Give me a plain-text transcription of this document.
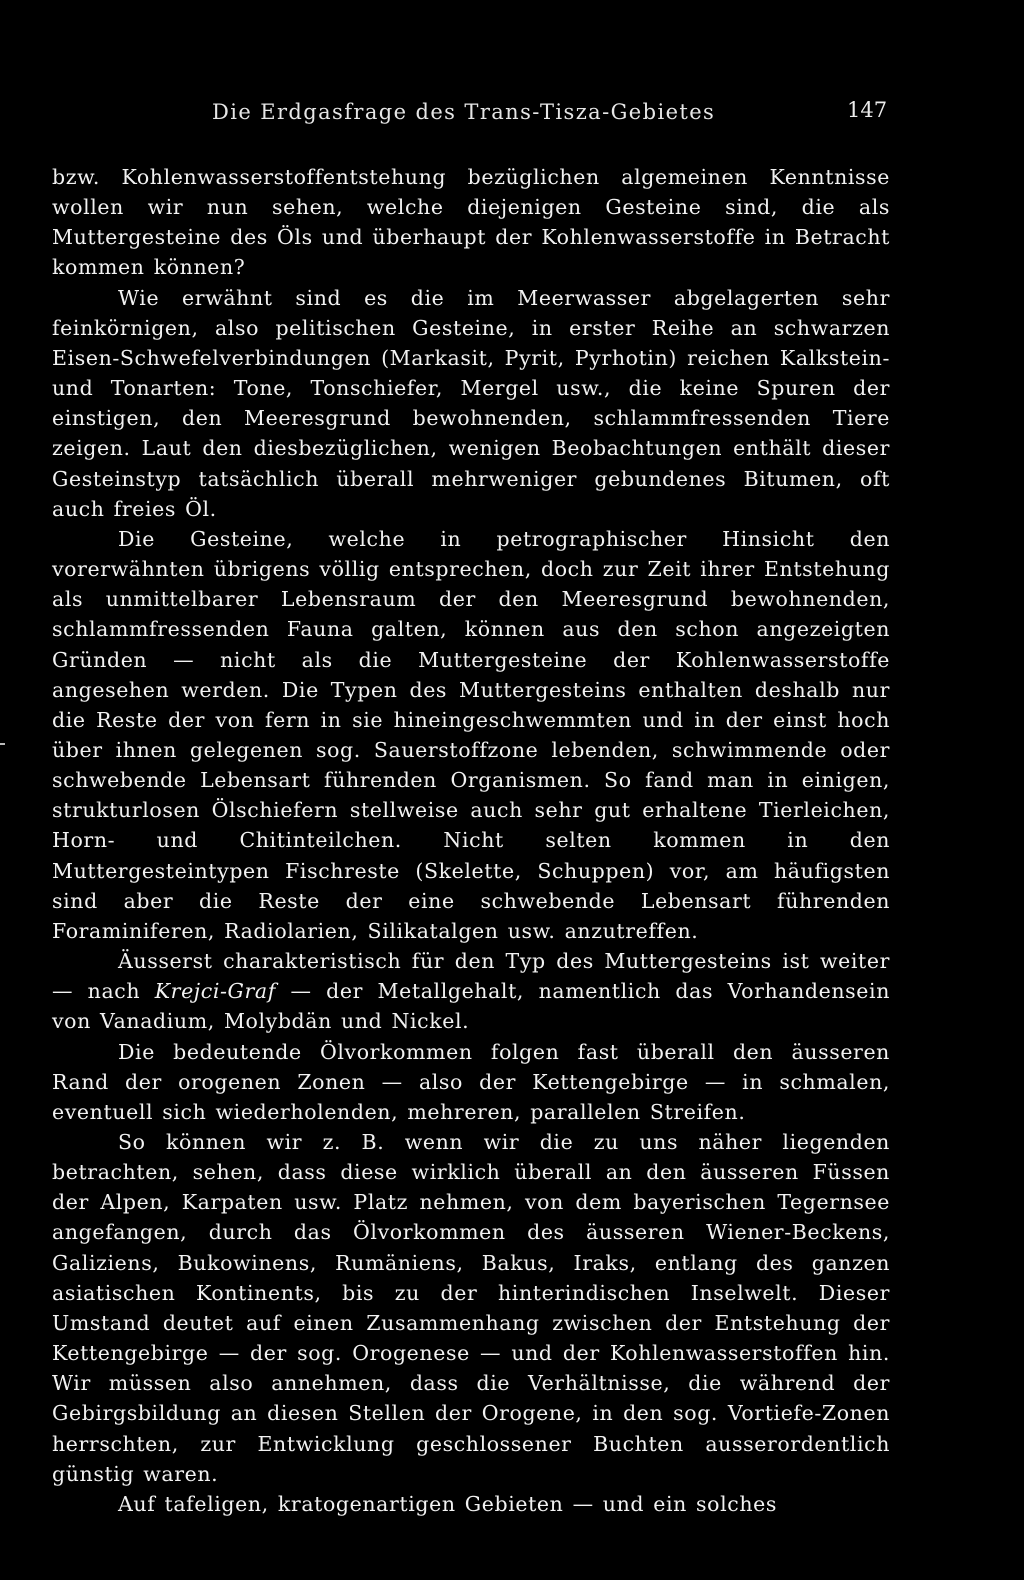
Die Erdgasfrage des Trans-Tisza-Gebietes	147

bzw. Kohlenwasserstoffentstehung bezüglichen algemeinen Kenntnisse wollen wir nun sehen, welche diejenigen Gesteine sind, die als Muttergesteine des Öls und überhaupt der Kohlenwasserstoffe in Betracht kommen können?

Wie erwähnt sind es die im Meerwasser abgelagerten sehr feinkörnigen, also pelitischen Gesteine, in erster Reihe an schwarzen Eisen-Schwefelverbindungen (Markasit, Pyrit, Pyrhotin) reichen Kalkstein- und Tonarten: Tone, Tonschiefer, Mergel usw., die keine Spuren der einstigen, den Meeresgrund bewohnenden, schlammfressenden Tiere zeigen. Laut den diesbezüglichen, wenigen Beobachtungen enthält dieser Gesteinstyp tatsächlich überall mehrweniger gebundenes Bitumen, oft auch freies Öl.

Die Gesteine, welche in petrographischer Hinsicht den vorerwähnten übrigens völlig entsprechen, doch zur Zeit ihrer Entstehung als unmittelbarer Lebensraum der den Meeresgrund bewohnenden, schlammfressenden Fauna galten, können aus den schon angezeigten Gründen — nicht als die Muttergesteine der Kohlenwasserstoffe angesehen werden. Die Typen des Muttergesteins enthalten deshalb nur die Reste der von fern in sie hineingeschwemmten und in der einst hoch über ihnen gelegenen sog. Sauerstoffzone lebenden, schwimmende oder schwebende Lebensart führenden Organismen. So fand man in einigen, strukturlosen Ölschiefern stellweise auch sehr gut erhaltene Tierleichen, Horn- und Chitinteilchen. Nicht selten kommen in den Muttergesteintypen Fischreste (Skelette, Schuppen) vor, am häufigsten sind aber die Reste der eine schwebende Lebensart führenden Foraminiferen, Radiolarien, Silikatalgen usw. anzutreffen.

Äusserst charakteristisch für den Typ des Muttergesteins ist weiter — nach Krejci-Graf — der Metallgehalt, namentlich das Vorhandensein von Vanadium, Molybdän und Nickel.

Die bedeutende Ölvorkommen folgen fast überall den äusseren Rand der orogenen Zonen — also der Kettengebirge — in schmalen, eventuell sich wiederholenden, mehreren, parallelen Streifen.

So können wir z. B. wenn wir die zu uns näher liegenden betrachten, sehen, dass diese wirklich überall an den äusseren Füssen der Alpen, Karpaten usw. Platz nehmen, von dem bayerischen Tegernsee angefangen, durch das Ölvorkommen des äusseren Wiener-Beckens, Galiziens, Bukowinens, Rumäniens, Bakus, Iraks, entlang des ganzen asiatischen Kontinents, bis zu der hinterindischen Inselwelt. Dieser Umstand deutet auf einen Zusammenhang zwischen der Entstehung der Kettengebirge — der sog. Orogenese — und der Kohlenwasserstoffen hin. Wir müssen also annehmen, dass die Verhältnisse, die während der Gebirgsbildung an diesen Stellen der Orogene, in den sog. Vortiefe-Zonen herrschten, zur Entwicklung geschlossener Buchten ausserordentlich günstig waren.

Auf tafeligen, kratogenartigen Gebieten — und ein solches
